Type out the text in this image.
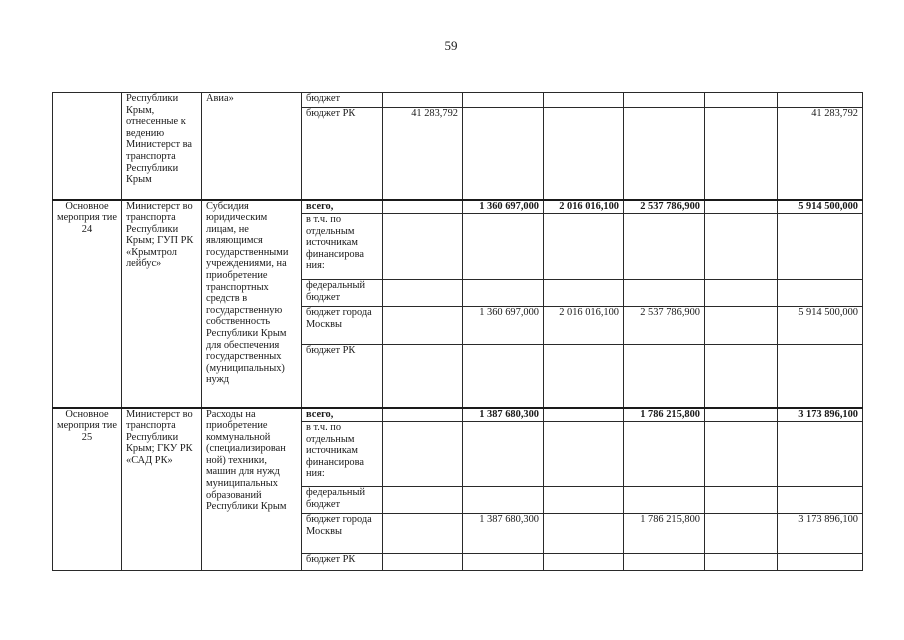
59
	Республики Крым, отнесенные к ведению Министерст ва транспорта Республики Крым	Авиа»	бюджет						
			бюджет РК	41 283,792					41 283,792
Основное мероприя тие 24	Министерст во транспорта Республики Крым; ГУП РК «Крымтрол лейбус»	Субсидия юридическим лицам, не являющимся государственными учреждениями, на приобретение транспортных средств в государственную собственность Республики Крым для обеспечения государственных (муниципальных) нужд	всего,		1 360 697,000	2 016 016,100	2 537 786,900		5 914 500,000
			в т.ч. по отдельным источникам финансирова ния:						
			федеральный бюджет						
			бюджет города Москвы		1 360 697,000	2 016 016,100	2 537 786,900		5 914 500,000
			бюджет РК						
Основное мероприя тие 25	Министерст во транспорта Республики Крым; ГКУ РК «САД РК»	Расходы на приобретение коммунальной (специализирован ной) техники, машин для нужд муниципальных образований Республики Крым	всего,		1 387 680,300		1 786 215,800		3 173 896,100
			в т.ч. по отдельным источникам финансирова ния:						
			федеральный бюджет						
			бюджет города Москвы		1 387 680,300		1 786 215,800		3 173 896,100
			бюджет РК						
